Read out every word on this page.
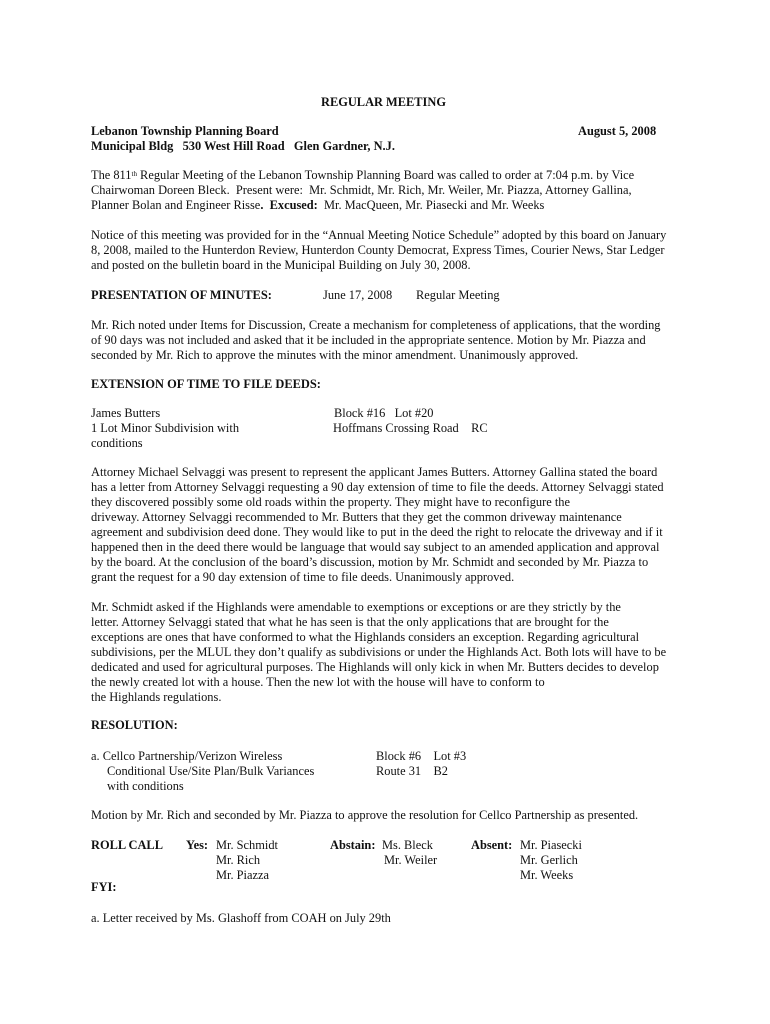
REGULAR MEETING
Lebanon Township Planning Board	August 5, 2008
Municipal Bldg   530 West Hill Road   Glen Gardner, N.J.
The 811th Regular Meeting of the Lebanon Township Planning Board was called to order at 7:04 p.m. by Vice
Chairwoman Doreen Bleck.  Present were:  Mr. Schmidt, Mr. Rich, Mr. Weiler, Mr. Piazza, Attorney Gallina,
Planner Bolan and Engineer Risse.  Excused:  Mr. MacQueen, Mr. Piasecki and Mr. Weeks
Notice of this meeting was provided for in the “Annual Meeting Notice Schedule” adopted by this board on January
8, 2008, mailed to the Hunterdon Review, Hunterdon County Democrat, Express Times, Courier News, Star Ledger
and posted on the bulletin board in the Municipal Building on July 30, 2008.
PRESENTATION OF MINUTES:	June 17, 2008 Regular Meeting
Mr. Rich noted under Items for Discussion, Create a mechanism for completeness of applications, that the wording
of 90 days was not included and asked that it be included in the appropriate sentence. Motion by Mr. Piazza and
seconded by Mr. Rich to approve the minutes with the minor amendment. Unanimously approved.
EXTENSION OF TIME TO FILE DEEDS:
James Butters	Block #16   Lot #20
1 Lot Minor Subdivision with	Hoffmans Crossing Road    RC
conditions
Attorney Michael Selvaggi was present to represent the applicant James Butters. Attorney Gallina stated the board
has a letter from Attorney Selvaggi requesting a 90 day extension of time to file the deeds. Attorney Selvaggi stated
they discovered possibly some old roads within the property. They might have to reconfigure the
driveway. Attorney Selvaggi recommended to Mr. Butters that they get the common driveway maintenance
agreement and subdivision deed done. They would like to put in the deed the right to relocate the driveway and if it
happened then in the deed there would be language that would say subject to an amended application and approval
by the board. At the conclusion of the board’s discussion, motion by Mr. Schmidt and seconded by Mr. Piazza to
grant the request for a 90 day extension of time to file deeds. Unanimously approved.
Mr. Schmidt asked if the Highlands were amendable to exemptions or exceptions or are they strictly by the
letter. Attorney Selvaggi stated that what he has seen is that the only applications that are brought for the
exceptions are ones that have conformed to what the Highlands considers an exception. Regarding agricultural
subdivisions, per the MLUL they don’t qualify as subdivisions or under the Highlands Act. Both lots will have to be
dedicated and used for agricultural purposes. The Highlands will only kick in when Mr. Butters decides to develop
the newly created lot with a house. Then the new lot with the house will have to conform to
the Highlands regulations.
RESOLUTION:
a. Cellco Partnership/Verizon Wireless	Block #6    Lot #3
Conditional Use/Site Plan/Bulk Variances	Route 31    B2
with conditions
Motion by Mr. Rich and seconded by Mr. Piazza to approve the resolution for Cellco Partnership as presented.
ROLL CALL Yes: Mr. Schmidt
Mr. Rich
Mr. Piazza
Abstain: Ms. Bleck
Mr. Weiler
Absent: Mr. Piasecki
Mr. Gerlich
Mr. Weeks
FYI:
a. Letter received by Ms. Glashoff from COAH on July 29th
